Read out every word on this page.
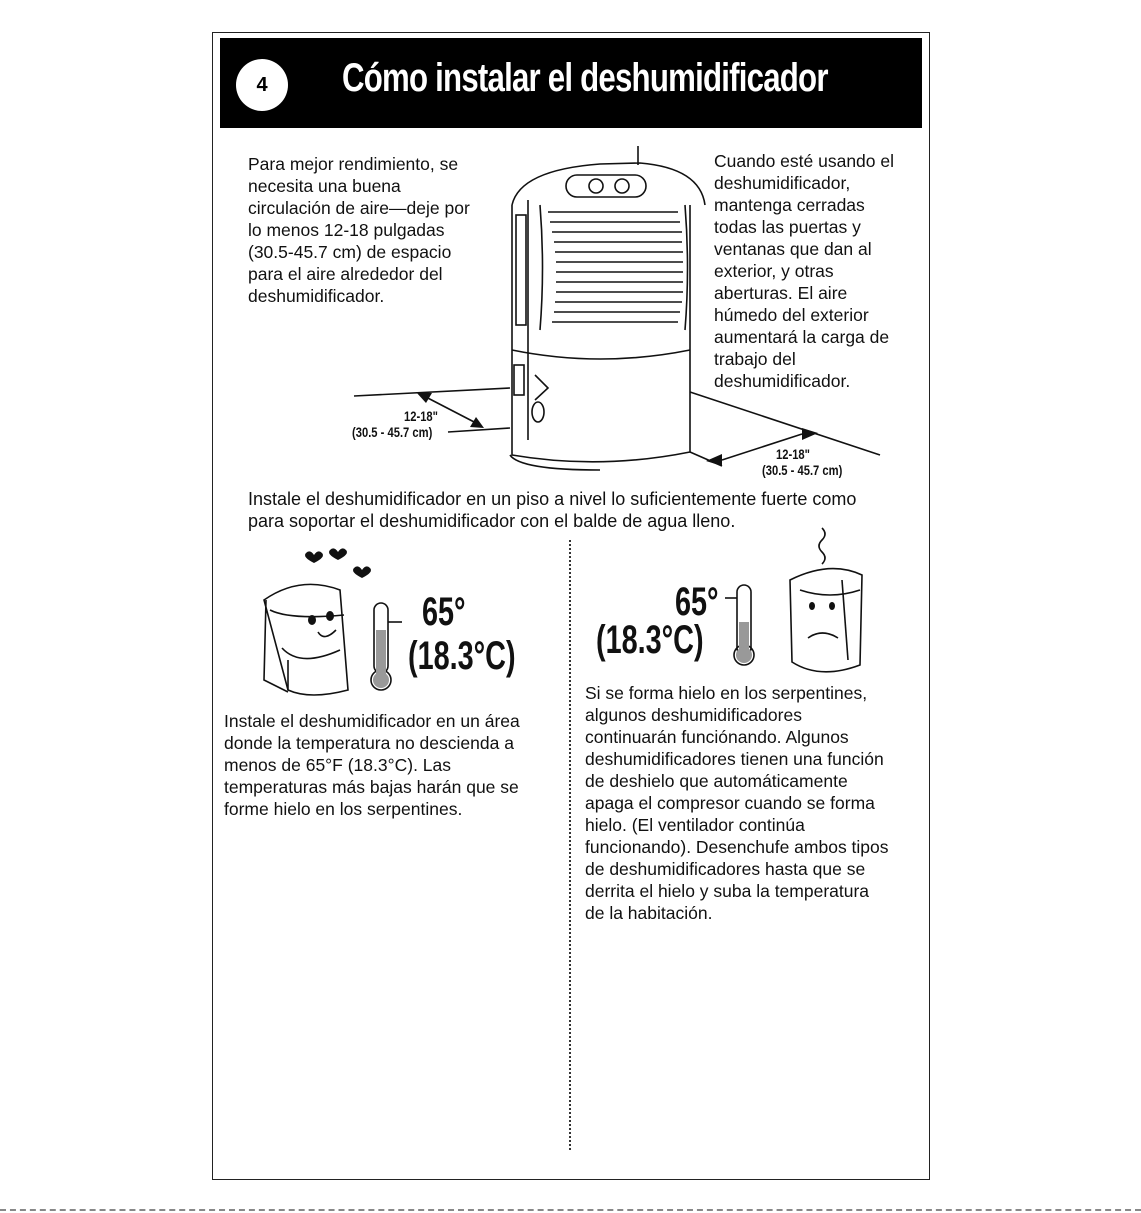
4	Cómo instalar el deshumidificador
Para mejor rendimiento, se
necesita una buena
circulación de aire—deje por
lo menos 12-18 pulgadas
(30.5-45.7 cm) de espacio
para el aire alrededor del
deshumidificador.
Cuando esté usando el
deshumidificador,
mantenga cerradas
todas las puertas y
ventanas que dan al
exterior, y otras
aberturas. El aire
húmedo del exterior
aumentará la carga de
trabajo del
deshumidificador.
12-18"
(30.5 - 45.7 cm)
12-18"
(30.5 - 45.7 cm)
Instale el deshumidificador en un piso a nivel lo suficientemente fuerte como
para soportar el deshumidificador con el balde de agua lleno.
65°
(18.3°C)
65°
(18.3°C)
Instale el deshumidificador en un área
donde la temperatura no descienda a
menos de 65°F (18.3°C). Las
temperaturas más bajas harán que se
forme hielo en los serpentines.
Si se forma hielo en los serpentines,
algunos deshumidificadores
continuarán funciónando. Algunos
deshumidificadores tienen una función
de deshielo que automáticamente
apaga el compresor cuando se forma
hielo. (El ventilador continúa
funcionando). Desenchufe ambos tipos
de deshumidificadores hasta que se
derrita el hielo y suba la temperatura
de la habitación.
